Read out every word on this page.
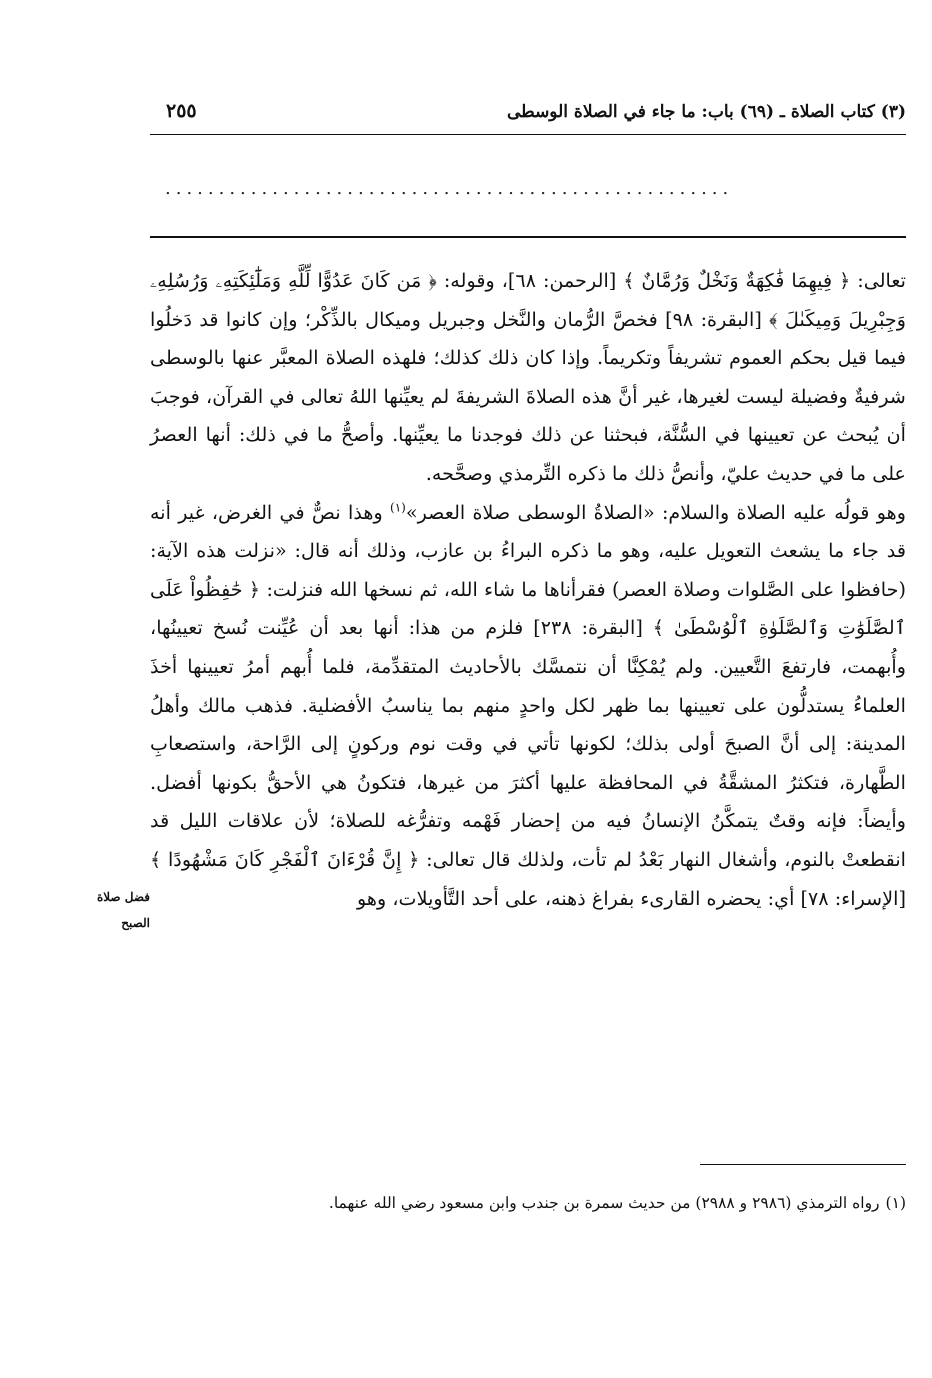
(٣) كتاب الصلاة ـ (٦٩) باب: ما جاء في الصلاة الوسطى
٢٥٥
.....................................................

تعالى: ﴿ فِيهِمَا فَٰكِهَةٌ وَنَخْلٌ وَرُمَّانٌ ﴾ [الرحمن: ٦٨]، وقوله: ﴿ مَن كَانَ عَدُوًّا لِّلَّهِ وَمَلَٰٓئِكَتِهِۦ وَرُسُلِهِۦ وَجِبْرِيلَ وَمِيكَىٰلَ ﴾ [البقرة: ٩٨] فخصَّ الرُّمان والنَّخل وجبريل وميكال بالذِّكْر؛ وإن كانوا قد دَخلُوا فيما قيل بحكم العموم تشريفاً وتكريماً. وإذا كان ذلك كذلك؛ فلهذه الصلاة المعبَّر عنها بالوسطى شرفيةٌ وفضيلة ليست لغيرها، غير أنَّ هذه الصلاةَ الشريفةَ لم يعيِّنها اللهُ تعالى في القرآن، فوجبَ أن يُبحث عن تعيينها في السُّنَّة، فبحثنا عن ذلك فوجدنا ما يعيِّنها. وأصحُّ ما في ذلك: أنها العصرُ على ما في حديث عليّ، وأنصُّ ذلك ما ذكره التِّرمذي وصحَّحه.

وهو قولُه عليه الصلاة والسلام: «الصلاةُ الوسطى صلاة العصر»$^{(١)}$ وهذا نصٌّ في الغرض، غير أنه قد جاء ما يشعث التعويل عليه، وهو ما ذكره البراءُ بن عازب، وذلك أنه قال: «نزلت هذه الآية: (حافظوا على الصَّلوات وصلاة العصر) فقرأناها ما شاء الله، ثم نسخها الله فنزلت: ﴿ حَٰفِظُواْ عَلَى ٱلصَّلَوَٰتِ وَٱلصَّلَوٰةِ ٱلْوُسْطَىٰ ﴾ [البقرة: ٢٣٨] فلزم من هذا: أنها بعد أن عُيِّنت نُسخ تعيينُها، وأُبهمت، فارتفعَ التَّعيين. ولم يُمْكِنَّا أن نتمسَّك بالأحاديث المتقدِّمة، فلما أُبهم أمرُ تعيينها أخذَ العلماءُ يستدلُّون على تعيينها بما ظهر لكل واحدٍ منهم بما يناسبُ الأفضلية. فذهب مالك وأهلُ المدينة: إلى أنَّ الصبحَ أولى بذلك؛ لكونها تأتي في وقت نوم وركونٍ إلى الرَّاحة، واستصعابِ الطَّهارة، فتكثرُ المشقَّةُ في المحافظة عليها أكثرَ من غيرها، فتكونُ هي الأحقُّ بكونها أفضل. وأيضاً: فإنه وقتٌ يتمكَّنُ الإنسانُ فيه من إحضار فَهْمه وتفرُّغه للصلاة؛ لأن علاقات الليل قد انقطعتْ بالنوم، وأشغال النهار بَعْدُ لم تأت، ولذلك قال تعالى: ﴿ إِنَّ قُرْءَانَ ٱلْفَجْرِ كَانَ مَشْهُودًا ﴾ [الإسراء: ٧٨] أي: يحضره القارىء بفراغ ذهنه، على أحد التَّأويلات، وهو

فضل صلاة
الصبح

(١)رواه الترمذي (٢٩٨٦ و ٢٩٨٨) من حديث سمرة بن جندب وابن مسعود رضي الله عنهما.
